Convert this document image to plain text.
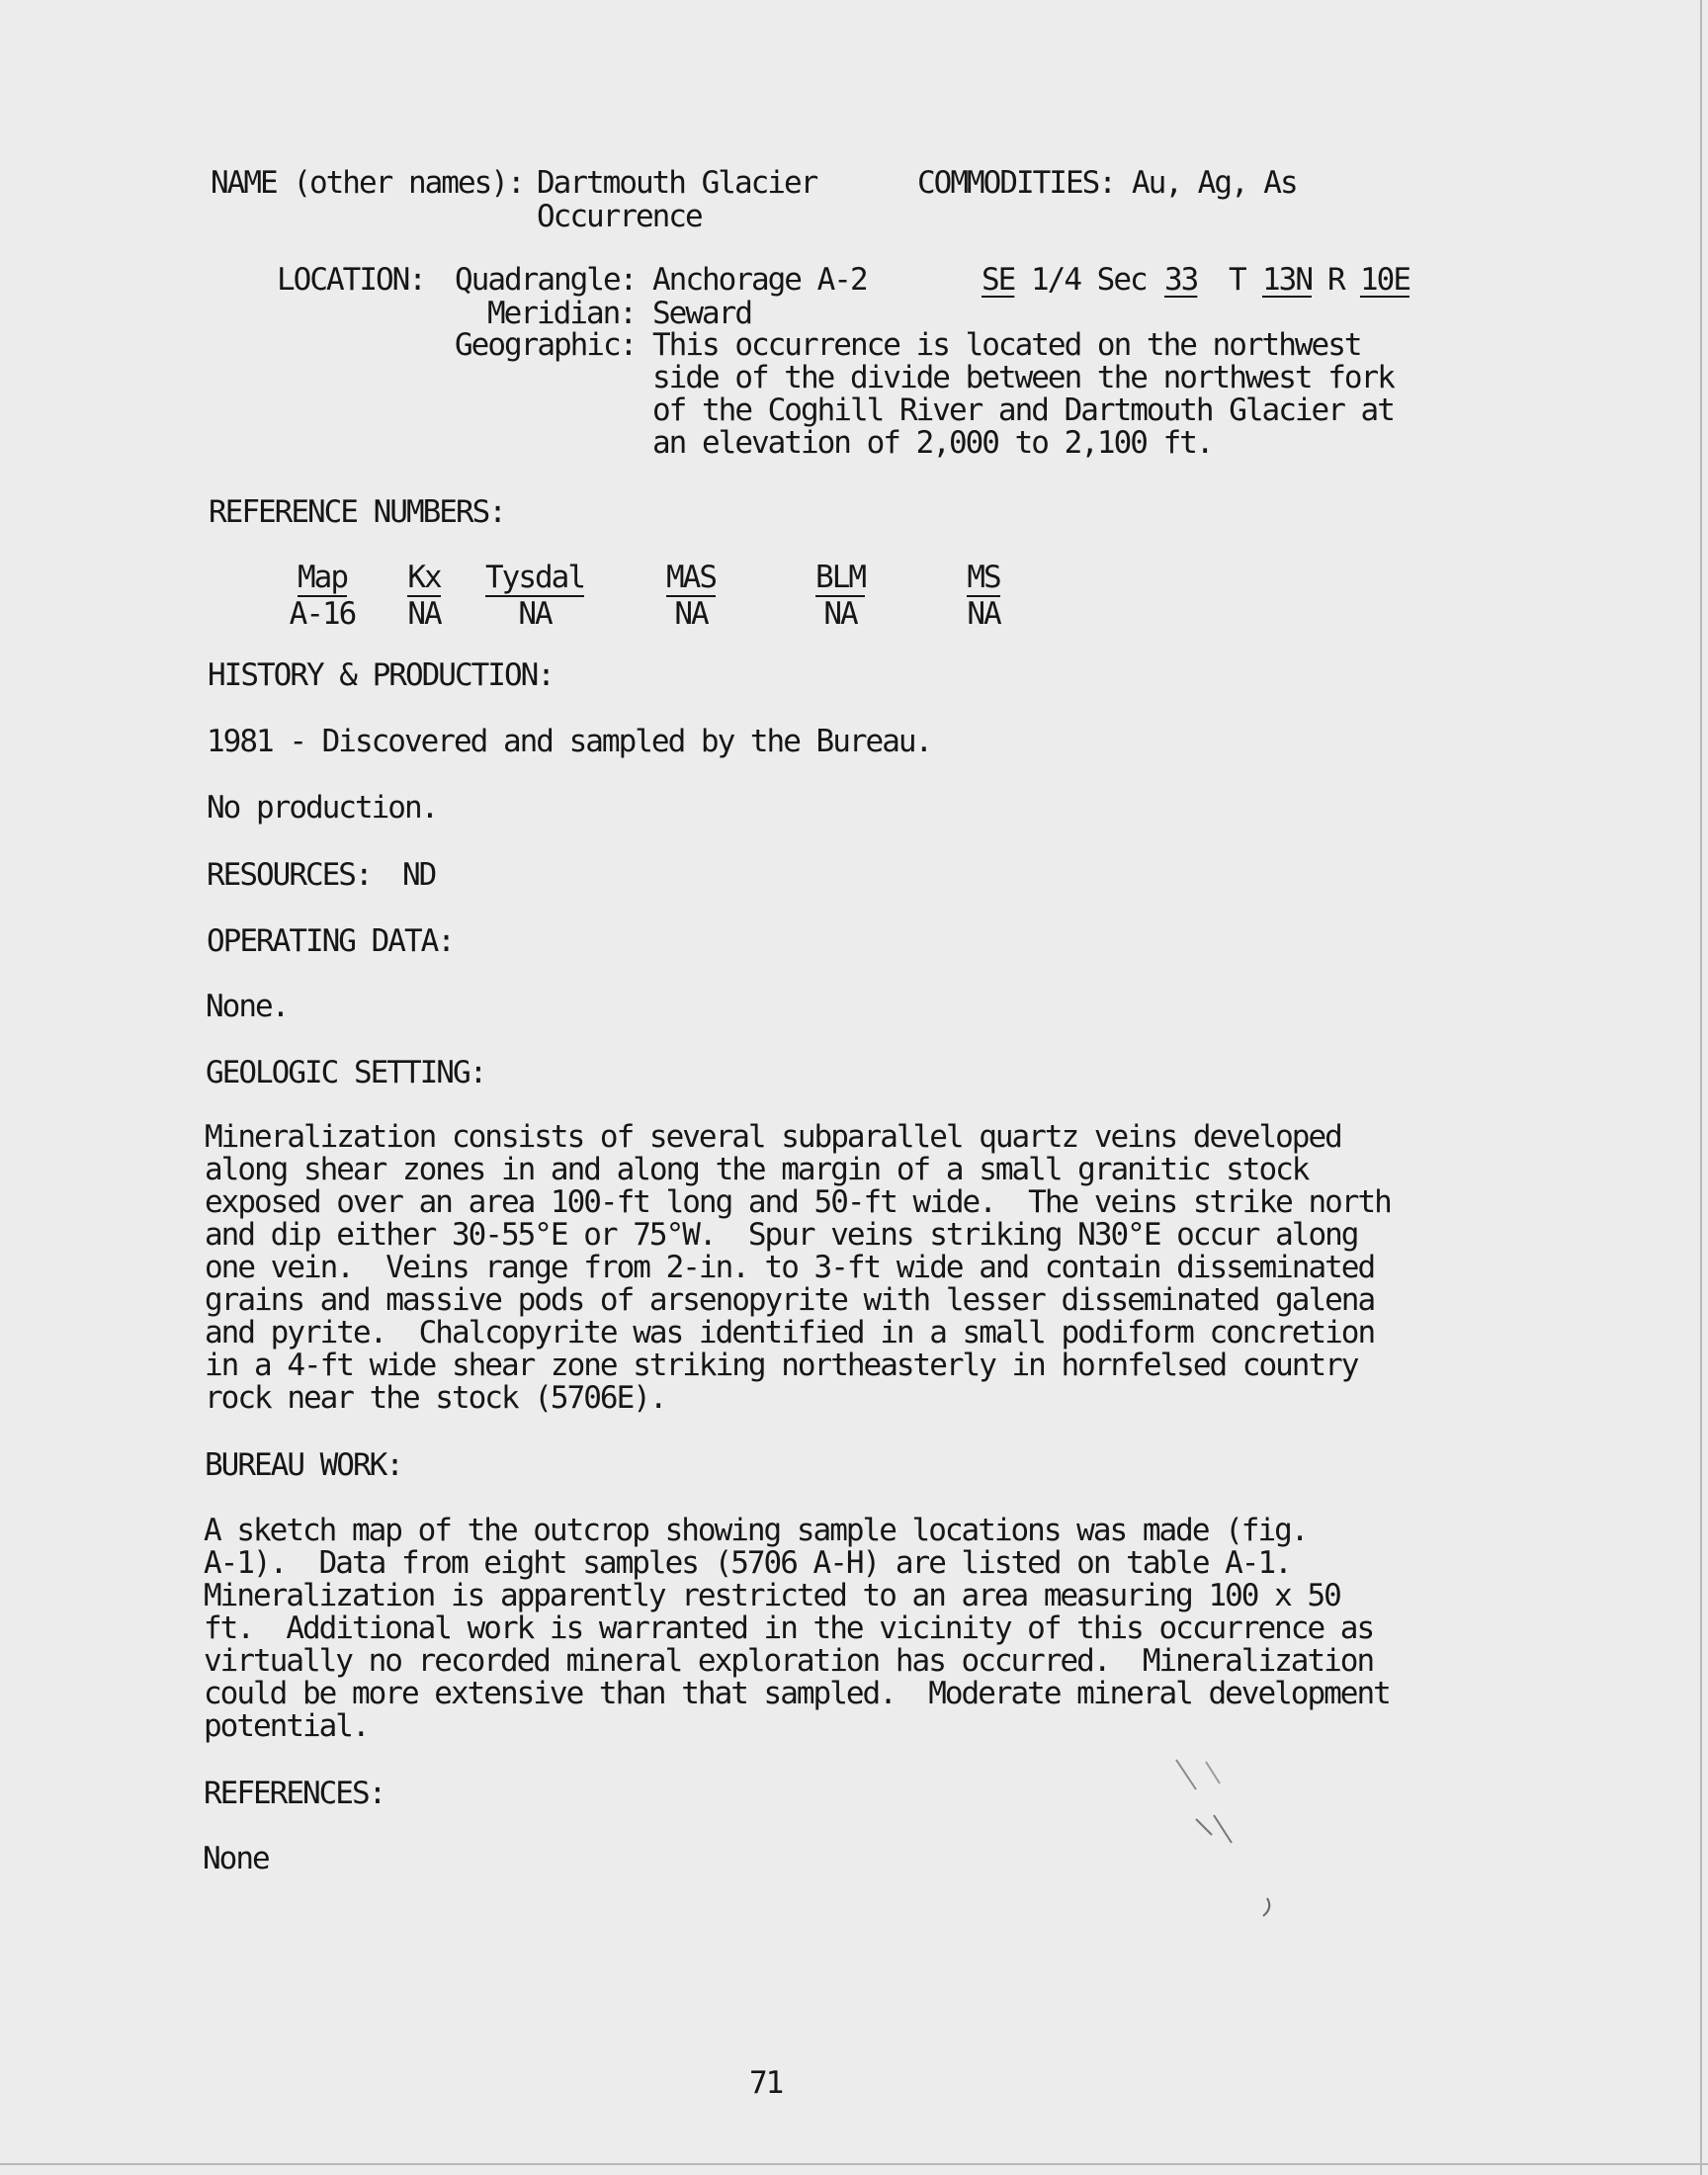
NAME (other names): Dartmouth Glacier
Occurrence
COMMODITIES: Au, Ag, As
LOCATION: Quadrangle: Anchorage A-2
Meridian: Seward
Geographic: This occurrence is located on the northwest
side of the divide between the northwest fork
of the Coghill River and Dartmouth Glacier at
an elevation of 2,000 to 2,100 ft.
SE 1/4 Sec 33 T 13N R 10E
REFERENCE NUMBERS:
Map
A-16
Kx
NA
Tysdal
NA
MAS
NA
BLM
NA
MS
NA
HISTORY & PRODUCTION:
1981 - Discovered and sampled by the Bureau.
No production.
RESOURCES: ND
OPERATING DATA:
None.
GEOLOGIC SETTING:
Mineralization consists of several subparallel quartz veins developed
along shear zones in and along the margin of a small granitic stock
exposed over an area 100-ft long and 50-ft wide.  The veins strike north
and dip either 30-55°E or 75°W.  Spur veins striking N30°E occur along
one vein.  Veins range from 2-in. to 3-ft wide and contain disseminated
grains and massive pods of arsenopyrite with lesser disseminated galena
and pyrite.  Chalcopyrite was identified in a small podiform concretion
in a 4-ft wide shear zone striking northeasterly in hornfelsed country
rock near the stock (5706E).
BUREAU WORK:
A sketch map of the outcrop showing sample locations was made (fig.
A-1).  Data from eight samples (5706 A-H) are listed on table A-1.
Mineralization is apparently restricted to an area measuring 100 x 50
ft.  Additional work is warranted in the vicinity of this occurrence as
virtually no recorded mineral exploration has occurred.  Mineralization
could be more extensive than that sampled.  Moderate mineral development
potential.
REFERENCES:
None
71
